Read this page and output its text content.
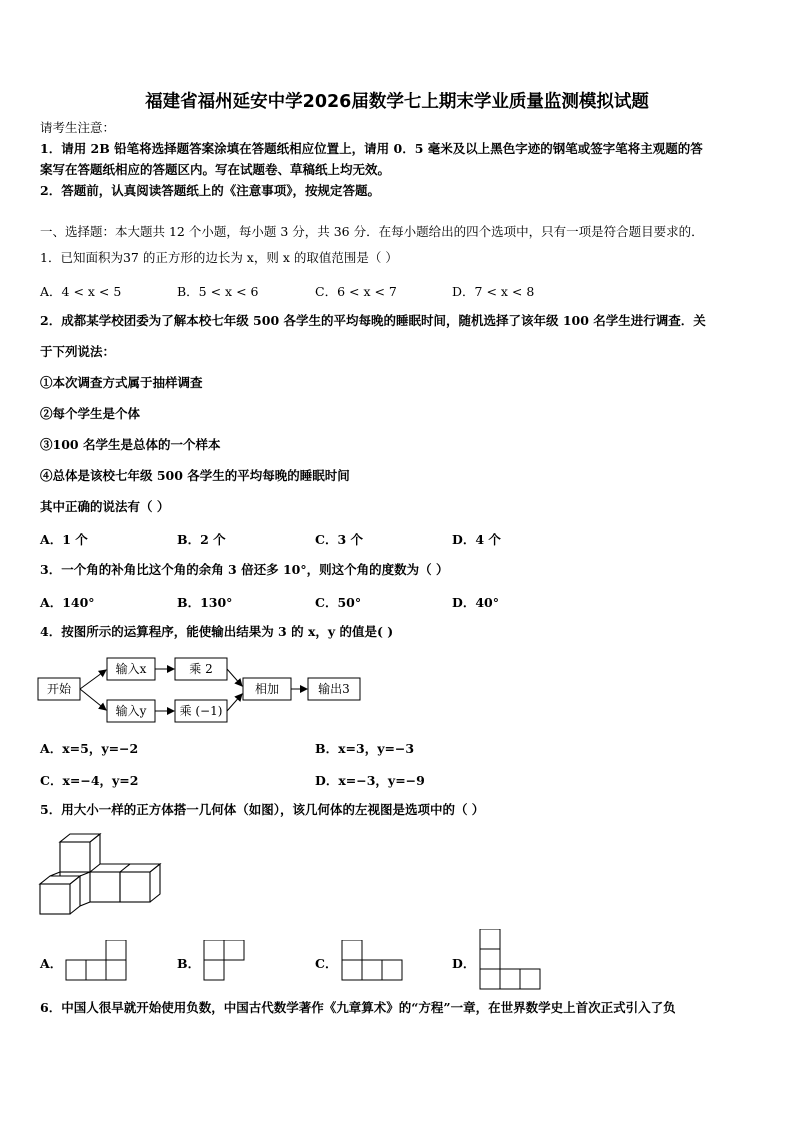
福建省福州延安中学2026届数学七上期末学业质量监测模拟试题
请考生注意：
1．请用 2B 铅笔将选择题答案涂填在答题纸相应位置上，请用 0．5 毫米及以上黑色字迹的钢笔或签字笔将主观题的答
案写在答题纸相应的答题区内。写在试题卷、草稿纸上均无效。
2．答题前，认真阅读答题纸上的《注意事项》，按规定答题。
一、选择题：本大题共 12 个小题，每小题 3 分，共 36 分．在每小题给出的四个选项中，只有一项是符合题目要求的．
1．已知面积为37 的正方形的边长为 x，则 x 的取值范围是（ ）
A．4 < x < 5	B．5 < x < 6	C．6 < x < 7	D．7 < x < 8
2．成都某学校团委为了解本校七年级 500 各学生的平均每晚的睡眠时间，随机选择了该年级 100 名学生进行调查．关
于下列说法：
①本次调查方式属于抽样调查
②每个学生是个体
③100 名学生是总体的一个样本
④总体是该校七年级 500 各学生的平均每晚的睡眠时间
其中正确的说法有（ ）
A．1 个	B．2 个	C．3 个	D．4 个
3．一个角的补角比这个角的余角 3 倍还多 10°，则这个角的度数为（ ）
A．140°	B．130°	C．50°	D．40°
4．按图所示的运算程序，能使输出结果为 3 的 x，y 的值是( )
开始
输入x	乘 2
输入y	乘 (−1)
相加	输出3
A．x=5，y=−2	B．x=3，y=−3
C．x=−4，y=2	D．x=−3，y=−9
5．用大小一样的正方体搭一几何体（如图），该几何体的左视图是选项中的（ ）
A．	B．	C．	D．
6．中国人很早就开始使用负数，中国古代数学著作《九章算术》的“方程”一章，在世界数学史上首次正式引入了负
